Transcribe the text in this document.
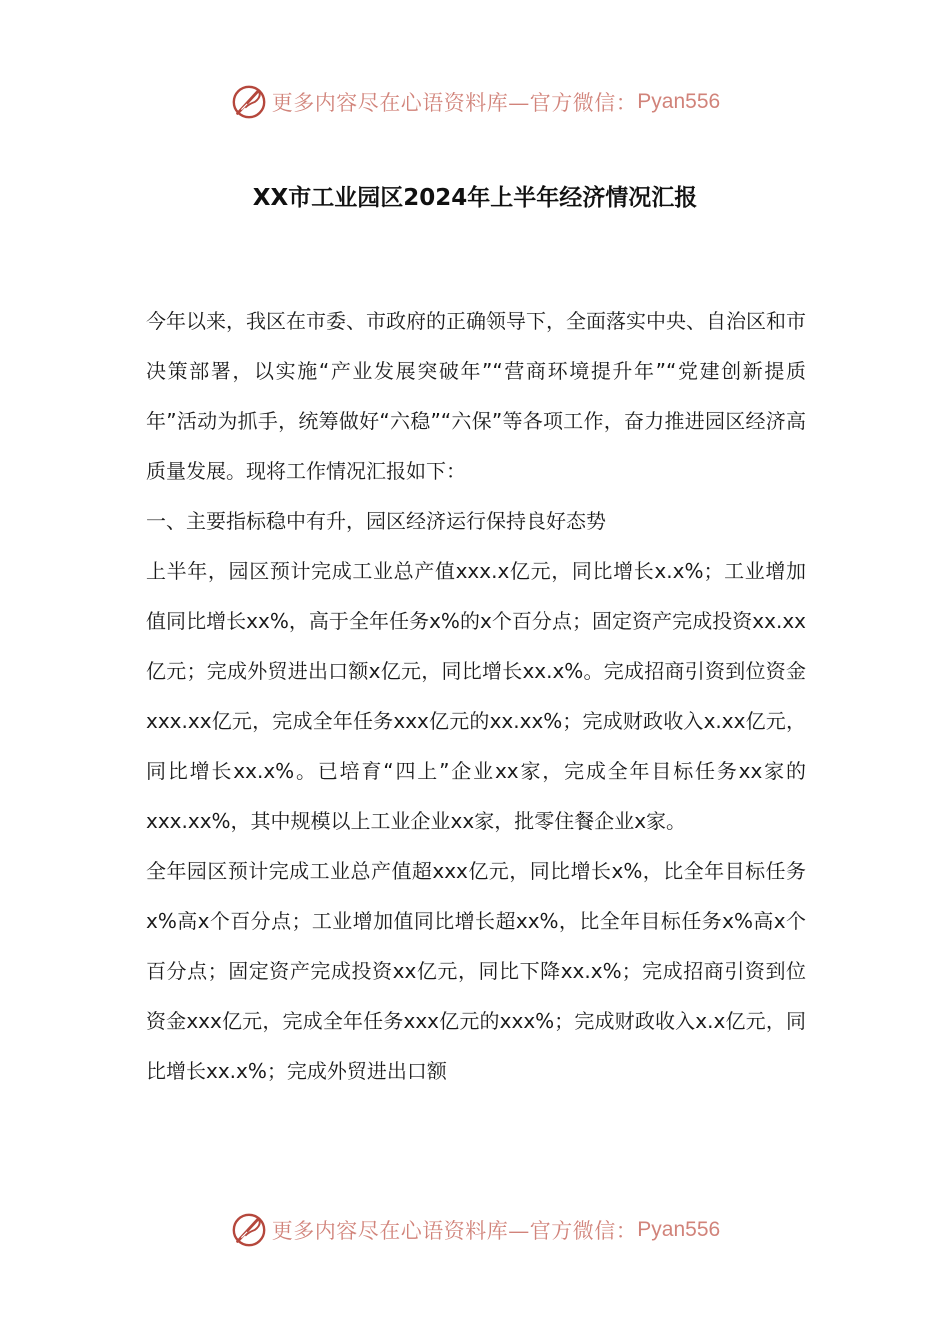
更多内容尽在心语资料库—官方微信： Pyan556
XX市工业园区2024年上半年经济情况汇报

今年以来，我区在市委、市政府的正确领导下，全面落实中央、自治区和市决策部署，以实施“产业发展突破年”“营商环境提升年”“党建创新提质年”活动为抓手，统筹做好“六稳”“六保”等各项工作，奋力推进园区经济高质量发展。现将工作情况汇报如下：

一、主要指标稳中有升，园区经济运行保持良好态势

上半年，园区预计完成工业总产值xxx.x亿元，同比增长x.x%；工业增加值同比增长xx%，高于全年任务x%的x个百分点；固定资产完成投资xx.xx亿元；完成外贸进出口额x亿元，同比增长xx.x%。完成招商引资到位资金xxx.xx亿元，完成全年任务xxx亿元的xx.xx%；完成财政收入x.xx亿元，同比增长xx.x%。已培育“四上”企业xx家，完成全年目标任务xx家的xxx.xx%，其中规模以上工业企业xx家，批零住餐企业x家。

全年园区预计完成工业总产值超xxx亿元，同比增长x%，比全年目标任务x%高x个百分点；工业增加值同比增长超xx%，比全年目标任务x%高x个百分点；固定资产完成投资xx亿元，同比下降xx.x%；完成招商引资到位资金xxx亿元，完成全年任务xxx亿元的xxx%；完成财政收入x.x亿元，同比增长xx.x%；完成外贸进出口额

更多内容尽在心语资料库—官方微信： Pyan556
